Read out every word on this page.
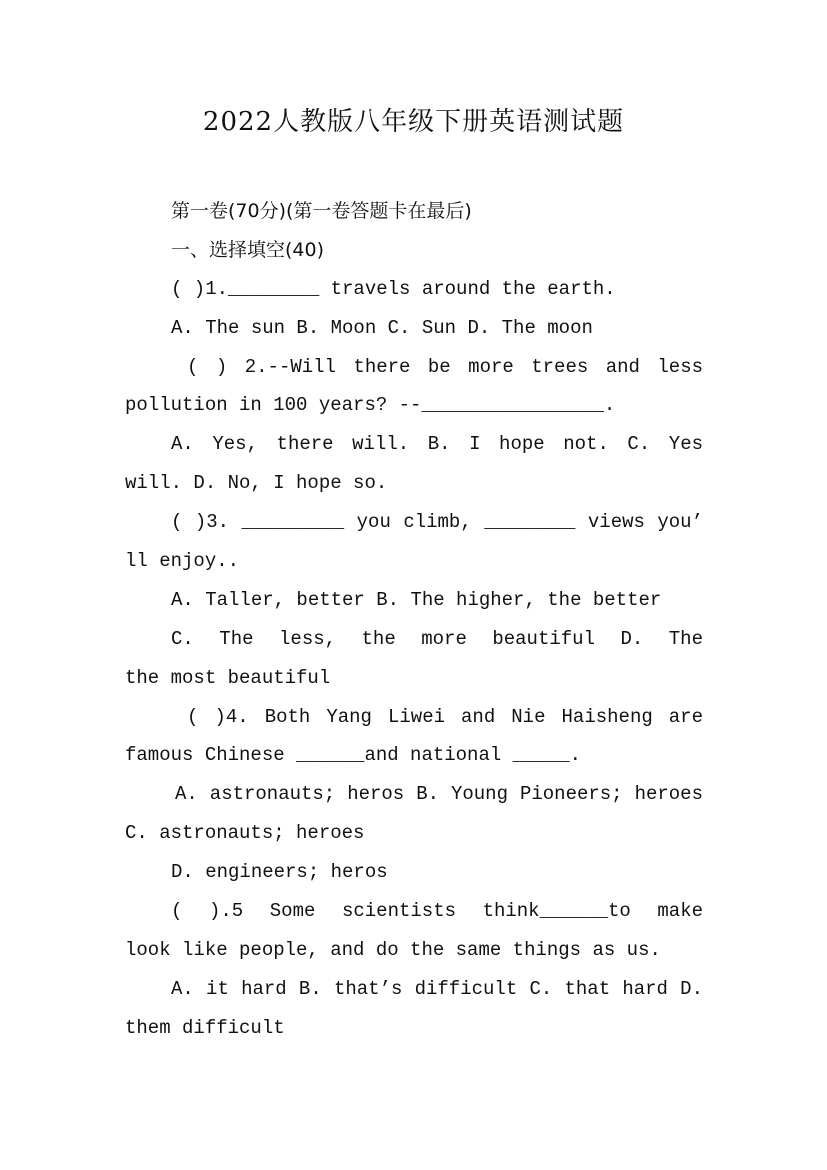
2022人教版八年级下册英语测试题
第一卷(70分)(第一卷答题卡在最后)
一、选择填空(40)
( )1.________ travels around the earth.
A. The sun B. Moon C. Sun D. The moon
( ) 2.--Will there be more trees and less
pollution in 100 years? --________________.
A. Yes, there will. B. I hope not. C. Yes
will. D. No, I hope so.
( )3. _________ you climb, ________ views you’
ll enjoy..
A. Taller, better B. The higher, the better
C. The less, the more beautiful D. The
the most beautiful
( )4. Both Yang Liwei and Nie Haisheng are
famous Chinese ______and national _____.
A. astronauts; heros B. Young Pioneers; heroes
C. astronauts; heroes
D. engineers; heros
( ).5 Some scientists think______to make
look like people, and do the same things as us.
A. it hard B. that’s difficult C. that hard D.
them difficult
